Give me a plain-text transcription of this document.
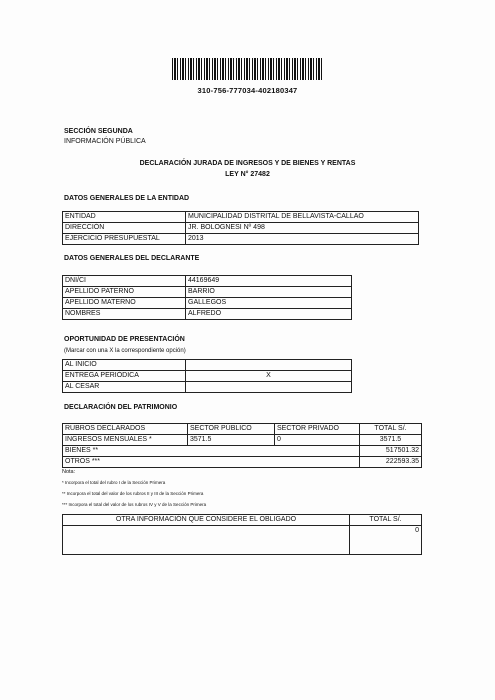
310-756-777034-402180347
SECCIÓN SEGUNDA
INFORMACIÓN PÚBLICA
DECLARACIÓN JURADA DE INGRESOS Y DE BIENES Y RENTAS
LEY N° 27482
DATOS GENERALES DE LA ENTIDAD
ENTIDAD	MUNICIPALIDAD DISTRITAL DE BELLAVISTA-CALLAO
DIRECCIÓN	JR. BOLOGNESI Nº 498
EJERCICIO PRESUPUESTAL	2013
DATOS GENERALES DEL DECLARANTE
DNI/CI	44169649
APELLIDO PATERNO	BARRIO
APELLIDO MATERNO	GALLEGOS
NOMBRES	ALFREDO
OPORTUNIDAD DE PRESENTACIÓN
(Marcar con una X la correspondiente opción)
AL INICIO	
ENTREGA PERIÓDICA	X
AL CESAR	
DECLARACIÓN DEL PATRIMONIO
RUBROS DECLARADOS	SECTOR PÚBLICO	SECTOR PRIVADO	TOTAL S/.
INGRESOS MENSUALES *	3571.5	0	3571.5
BIENES **			517501.32
OTROS ***			222593.35
Nota:
* Incorpora el total del rubro I de la Sección Primera
** Incorpora el total del valor de los rubros II y III de la Sección Primera
*** Incorpora el total del valor de los rubros IV y V de la Sección Primera
OTRA INFORMACIÓN QUE CONSIDERE EL OBLIGADO	TOTAL S/.
	0
